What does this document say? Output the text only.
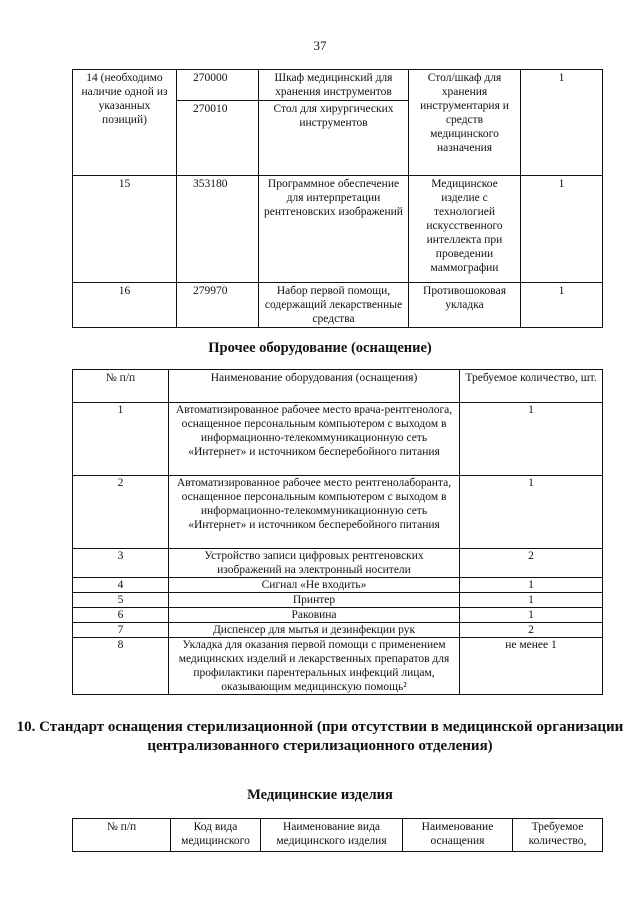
37
14 (необходимо наличие одной из указанных позиций)	270000	Шкаф медицинский для хранения инструментов	Стол/шкаф для хранения инструментария и средств медицинского назначения	1
	270010	Стол для хирургических инструментов		
15	353180	Программное обеспечение для интерпретации рентгеновских изображений	Медицинское изделие с технологией искусственного интеллекта при проведении маммографии	1
16	279970	Набор первой помощи, содержащий лекарственные средства	Противошоковая укладка	1
Прочее оборудование (оснащение)
№ п/п	Наименование оборудования (оснащения)	Требуемое количество, шт.
1	Автоматизированное рабочее место врача-рентгенолога, оснащенное персональным компьютером с выходом в информационно-телекоммуникационную сеть «Интернет» и источником бесперебойного питания	1
2	Автоматизированное рабочее место рентгенолаборанта, оснащенное персональным компьютером с выходом в информационно-телекоммуникационную сеть «Интернет» и источником бесперебойного питания	1
3	Устройство записи цифровых рентгеновских изображений на электронный носители	2
4	Сигнал «Не входить»	1
5	Принтер	1
6	Раковина	1
7	Диспенсер для мытья и дезинфекции рук	2
8	Укладка для оказания первой помощи с применением медицинских изделий и лекарственных препаратов для профилактики парентеральных инфекций лицам, оказывающим медицинскую помощь²	не менее 1
10. Стандарт оснащения стерилизационной (при отсутствии в медицинской организации централизованного стерилизационного отделения)
Медицинские изделия
№ п/п	Код вида медицинского	Наименование вида медицинского изделия	Наименование оснащения	Требуемое количество,
